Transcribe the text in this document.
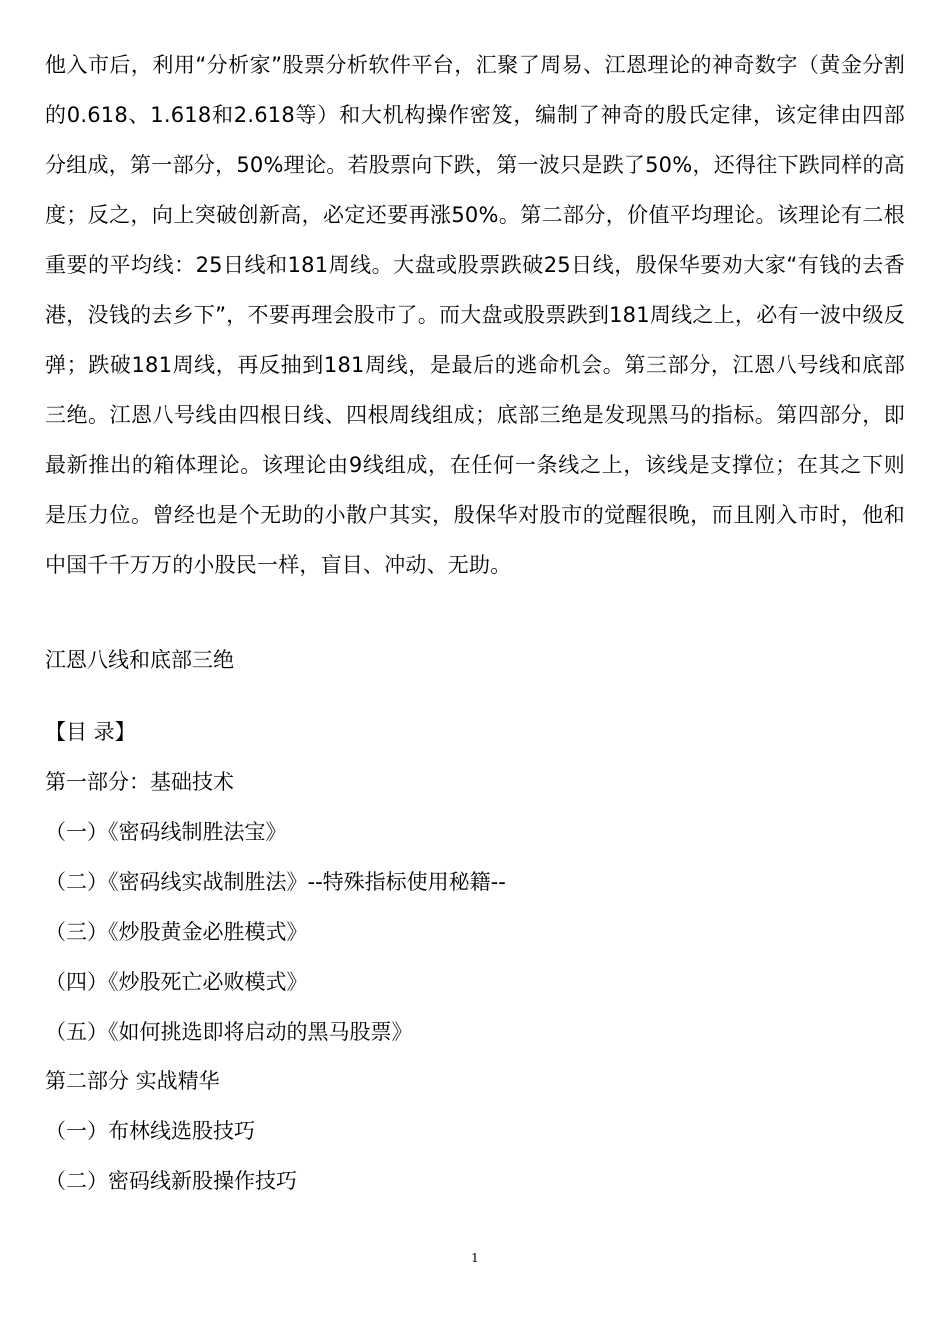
他入市后，利用“分析家”股票分析软件平台，汇聚了周易、江恩理论的神奇数字（黄金分割的0.618、1.618和2.618等）和大机构操作密笈，编制了神奇的殷氏定律，该定律由四部分组成，第一部分，50%理论。若股票向下跌，第一波只是跌了50%，还得往下跌同样的高度；反之，向上突破创新高，必定还要再涨50%。第二部分，价值平均理论。该理论有二根重要的平均线：25日线和181周线。大盘或股票跌破25日线，殷保华要劝大家“有钱的去香港，没钱的去乡下”，不要再理会股市了。而大盘或股票跌到181周线之上，必有一波中级反弹；跌破181周线，再反抽到181周线，是最后的逃命机会。第三部分，江恩八号线和底部三绝。江恩八号线由四根日线、四根周线组成；底部三绝是发现黑马的指标。第四部分，即最新推出的箱体理论。该理论由9线组成，在任何一条线之上，该线是支撑位；在其之下则是压力位。曾经也是个无助的小散户其实，殷保华对股市的觉醒很晚，而且刚入市时，他和中国千千万万的小股民一样，盲目、冲动、无助。

江恩八线和底部三绝

【目 录】

第一部分：基础技术

（一）《密码线制胜法宝》

（二）《密码线实战制胜法》--特殊指标使用秘籍--

（三）《炒股黄金必胜模式》

（四）《炒股死亡必败模式》

（五）《如何挑选即将启动的黑马股票》

第二部分 实战精华

（一）布林线选股技巧

（二）密码线新股操作技巧

1
